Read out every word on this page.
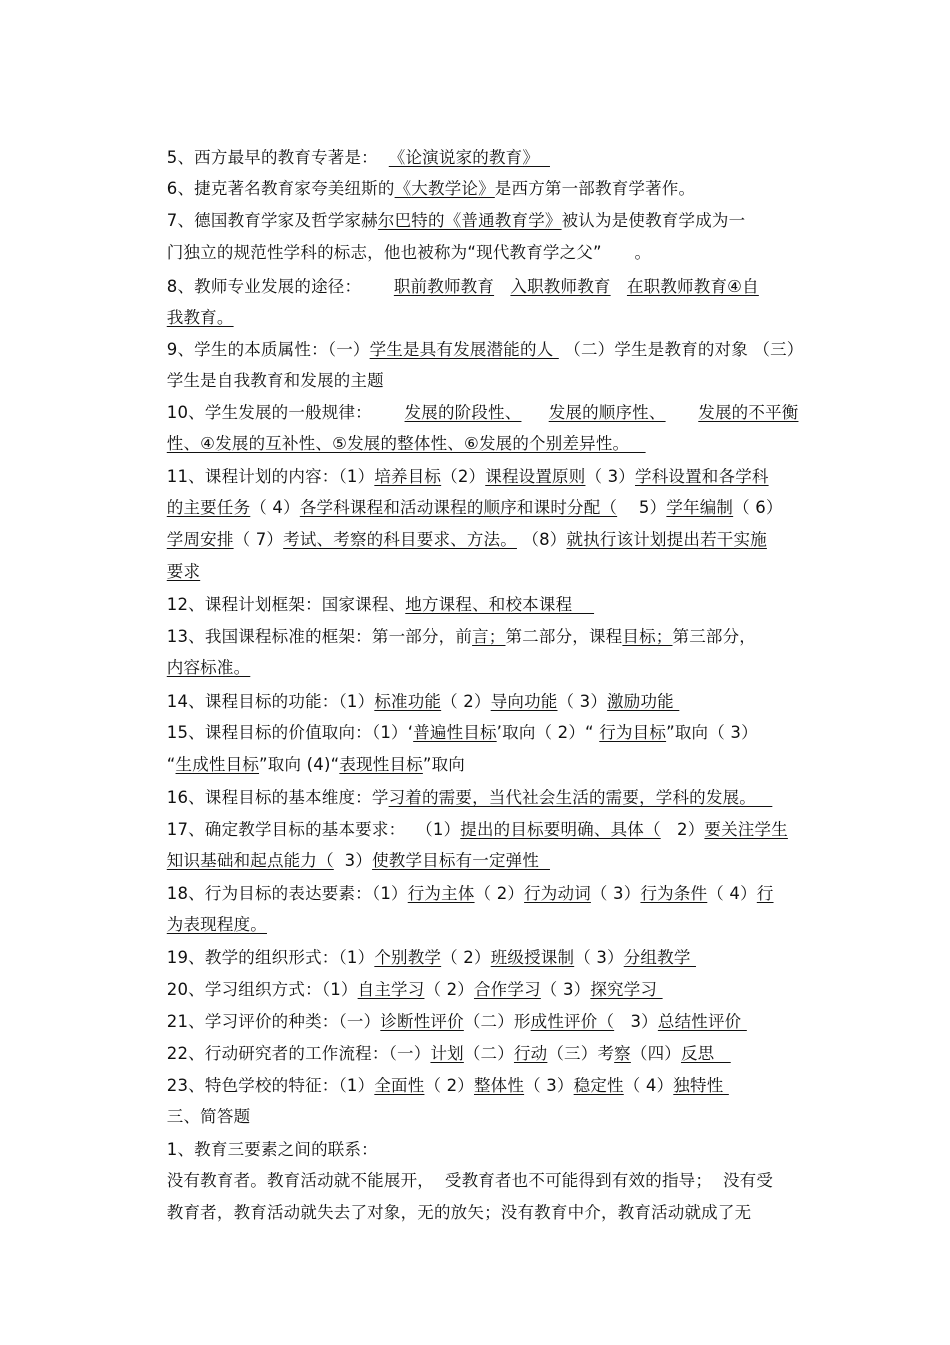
5、西方最早的教育专著是：  《论演说家的教育》

6、捷克著名教育家夸美纽斯的《大教学论》是西方第一部教育学著作。

7、德国教育学家及哲学家赫尔巴特的《普通教育学》被认为是使教育学成为一

门独立的规范性学科的标志，他也被称为“现代教育学之父”      。

8、教师专业发展的途径：      职前教师教育 入职教师教育 在职教师教育④自

我教育。

9、学生的本质属性：（一）学生是具有发展潜能的人  （二）学生是教育的对象 （三）

学生是自我教育和发展的主题

10、学生发展的一般规律：      发展的阶段性、 发展的顺序性、 发展的不平衡

性、④发展的互补性、⑤发展的整体性、⑥发展的个别差异性。

11、课程计划的内容：（1）培养目标（2）课程设置原则（ 3）学科设置和各学科

的主要任务（ 4）各学科课程和活动课程的顺序和课时分配（    5）学年编制（ 6）

学周安排（ 7）考试、考察的科目要求、方法。 （8）就执行该计划提出若干实施

要求

12、课程计划框架：国家课程、地方课程、和校本课程

13、我国课程标准的框架：第一部分，前言；第二部分，课程目标；第三部分，

内容标准。

14、课程目标的功能：（1）标准功能（ 2）导向功能（ 3）激励功能

15、课程目标的价值取向：（1）‘普遍性目标’取向（ 2）“ 行为目标”取向（ 3）

“生成性目标”取向 (4)“表现性目标”取向

16、课程目标的基本维度：学习着的需要，当代社会生活的需要，学科的发展。

17、确定教学目标的基本要求：  （1）提出的目标要明确、具体（   2）要关注学生

知识基础和起点能力（  3）使教学目标有一定弹性

18、行为目标的表达要素：（1）行为主体（ 2）行为动词（ 3）行为条件（ 4）行

为表现程度。

19、教学的组织形式：（1）个别教学（ 2）班级授课制（ 3）分组教学

20、学习组织方式：（1）自主学习（ 2）合作学习（ 3）探究学习

21、学习评价的种类：（一）诊断性评价（二）形成性评价（   3）总结性评价

22、行动研究者的工作流程：（一）计划（二）行动（三）考察（四）反思

23、特色学校的特征：（1）全面性（ 2）整体性（ 3）稳定性（ 4）独特性

三、简答题

1、教育三要素之间的联系：

没有教育者。教育活动就不能展开，  受教育者也不可能得到有效的指导；  没有受

教育者，教育活动就失去了对象，无的放矢；没有教育中介，教育活动就成了无
